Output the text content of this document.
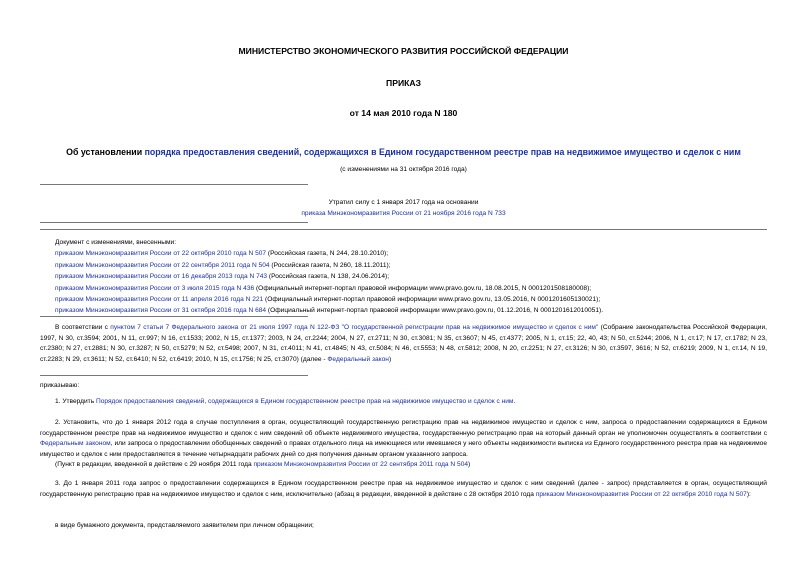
МИНИСТЕРСТВО ЭКОНОМИЧЕСКОГО РАЗВИТИЯ РОССИЙСКОЙ ФЕДЕРАЦИИ
ПРИКАЗ
от 14 мая 2010 года N 180
Об установлении порядка предоставления сведений, содержащихся в Едином государственном реестре прав на недвижимое имущество и сделок с ним
(с изменениями на 31 октября 2016 года)
Утратил силу с 1 января 2017 года на основании
приказа Минэкономразвития России от 21 ноября 2016 года N 733
Документ с изменениями, внесенными:
приказом Минэкономразвития России от 22 октября 2010 года N 507 (Российская газета, N 244, 28.10.2010);
приказом Минэкономразвития России от 22 сентября 2011 года N 504 (Российская газета, N 260, 18.11.2011);
приказом Минэкономразвития России от 16 декабря 2013 года N 743 (Российская газета, N 138, 24.06.2014);
приказом Минэкономразвития России от 3 июля 2015 года N 436 (Официальный интернет-портал правовой информации www.pravo.gov.ru, 18.08.2015, N 0001201508180008);
приказом Минэкономразвития России от 11 апреля 2016 года N 221 (Официальный интернет-портал правовой информации www.pravo.gov.ru, 13.05.2016, N 0001201605130021);
приказом Минэкономразвития России от 31 октября 2016 года N 684 (Официальный интернет-портал правовой информации www.pravo.gov.ru, 01.12.2016, N 0001201612010051).
В соответствии с пунктом 7 статьи 7 Федерального закона от 21 июля 1997 года N 122-ФЗ "О государственной регистрации прав на недвижимое имущество и сделок с ним" (Собрание законодательства Российской Федерации, 1997, N 30, ст.3594; 2001, N 11, ст.997; N 16, ст.1533; 2002, N 15, ст.1377; 2003, N 24, ст.2244; 2004, N 27, ст.2711; N 30, ст.3081; N 35, ст.3607; N 45, ст.4377; 2005, N 1, ст.15; 22, 40, 43; N 50, ст.5244; 2006, N 1, ст.17; N 17, ст.1782; N 23, ст.2380; N 27, ст.2881; N 30, ст.3287; N 50, ст.5279; N 52, ст.5498; 2007, N 31, ст.4011; N 41, ст.4845; N 43, ст.5084; N 46, ст.5553; N 48, ст.5812; 2008, N 20, ст.2251; N 27, ст.3126; N 30, ст.3597, 3616; N 52, ст.6219; 2009, N 1, ст.14, N 19, ст.2283; N 29, ст.3611; N 52, ст.6410; N 52, ст.6419; 2010, N 15, ст.1756; N 25, ст.3070) (далее - Федеральный закон)
приказываю:
1. Утвердить Порядок предоставления сведений, содержащихся в Едином государственном реестре прав на недвижимое имущество и сделок с ним.
2. Установить, что до 1 января 2012 года в случае поступления в орган, осуществляющий государственную регистрацию прав на недвижимое имущество и сделок с ним, запроса о предоставлении содержащихся в Едином государственном реестре прав на недвижимое имущество и сделок с ним сведений об объекте недвижимого имущества, государственную регистрацию прав на который данный орган не уполномочен осуществлять в соответствии с Федеральным законом, или запроса о предоставлении обобщенных сведений о правах отдельного лица на имеющиеся или имевшиеся у него объекты недвижимости выписка из Единого государственного реестра прав на недвижимое имущество и сделок с ним предоставляется в течение четырнадцати рабочих дней со дня получения данным органом указанного запроса.
(Пункт в редакции, введенной в действие с 29 ноября 2011 года приказом Минэкономразвития России от 22 сентября 2011 года N 504)
3. До 1 января 2011 года запрос о предоставлении содержащихся в Едином государственном реестре прав на недвижимое имущество и сделок с ним сведений (далее - запрос) представляется в орган, осуществляющий государственную регистрацию прав на недвижимое имущество и сделок с ним, исключительно (абзац в редакции, введенной в действие с 28 октября 2010 года приказом Минэкономразвития России от 22 октября 2010 года N 507):
в виде бумажного документа, представляемого заявителем при личном обращении;
